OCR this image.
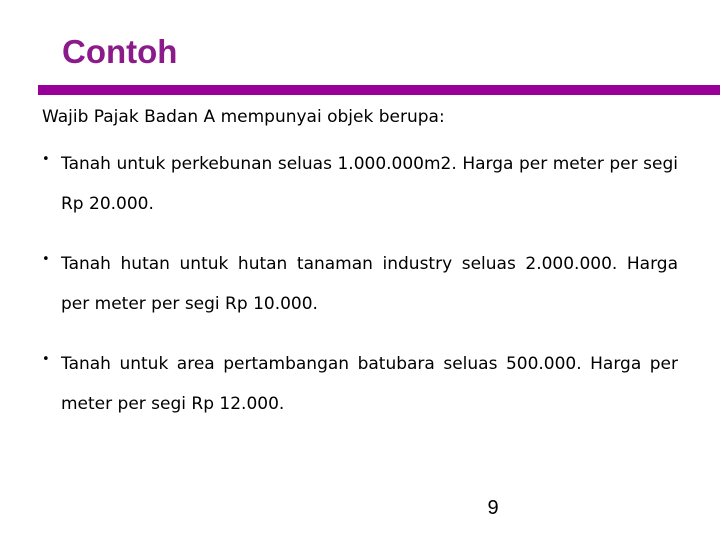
Contoh

Wajib Pajak Badan A mempunyai objek berupa:

• Tanah untuk perkebunan seluas 1.000.000m2. Harga per meter per segi Rp 20.000.
• Tanah hutan untuk hutan tanaman industry seluas 2.000.000. Harga per meter per segi Rp 10.000.
• Tanah untuk area pertambangan batubara seluas 500.000. Harga per meter per segi Rp 12.000.
9
